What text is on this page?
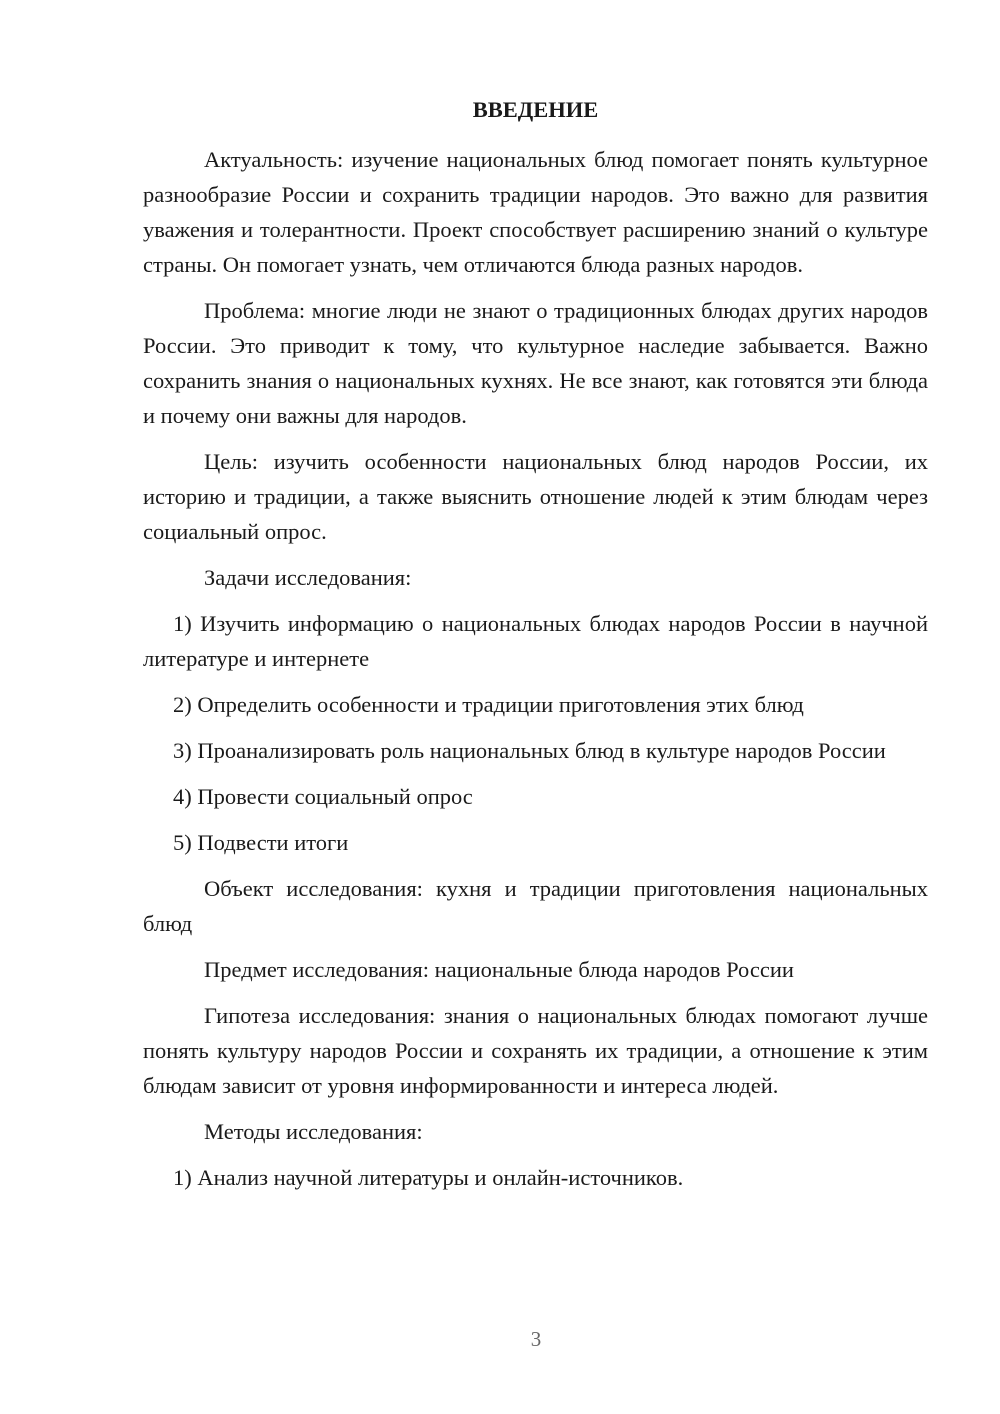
ВВЕДЕНИЕ

Актуальность: изучение национальных блюд помогает понять культурное разнообразие России и сохранить традиции народов. Это важно для развития уважения и толерантности. Проект способствует расширению знаний о культуре страны. Он помогает узнать, чем отличаются блюда разных народов.

Проблема: многие люди не знают о традиционных блюдах других народов России. Это приводит к тому, что культурное наследие забывается. Важно сохранить знания о национальных кухнях. Не все знают, как готовятся эти блюда и почему они важны для народов.

Цель: изучить особенности национальных блюд народов России, их историю и традиции, а также выяснить отношение людей к этим блюдам через социальный опрос.

Задачи исследования:

1) Изучить информацию о национальных блюдах народов России в научной литературе и интернете

2) Определить особенности и традиции приготовления этих блюд

3) Проанализировать роль национальных блюд в культуре народов России

4) Провести социальный опрос

5) Подвести итоги

Объект исследования: кухня и традиции приготовления национальных блюд

Предмет исследования: национальные блюда народов России

Гипотеза исследования: знания о национальных блюдах помогают лучше понять культуру народов России и сохранять их традиции, а отношение к этим блюдам зависит от уровня информированности и интереса людей.

Методы исследования:

1) Анализ научной литературы и онлайн-источников.

3
